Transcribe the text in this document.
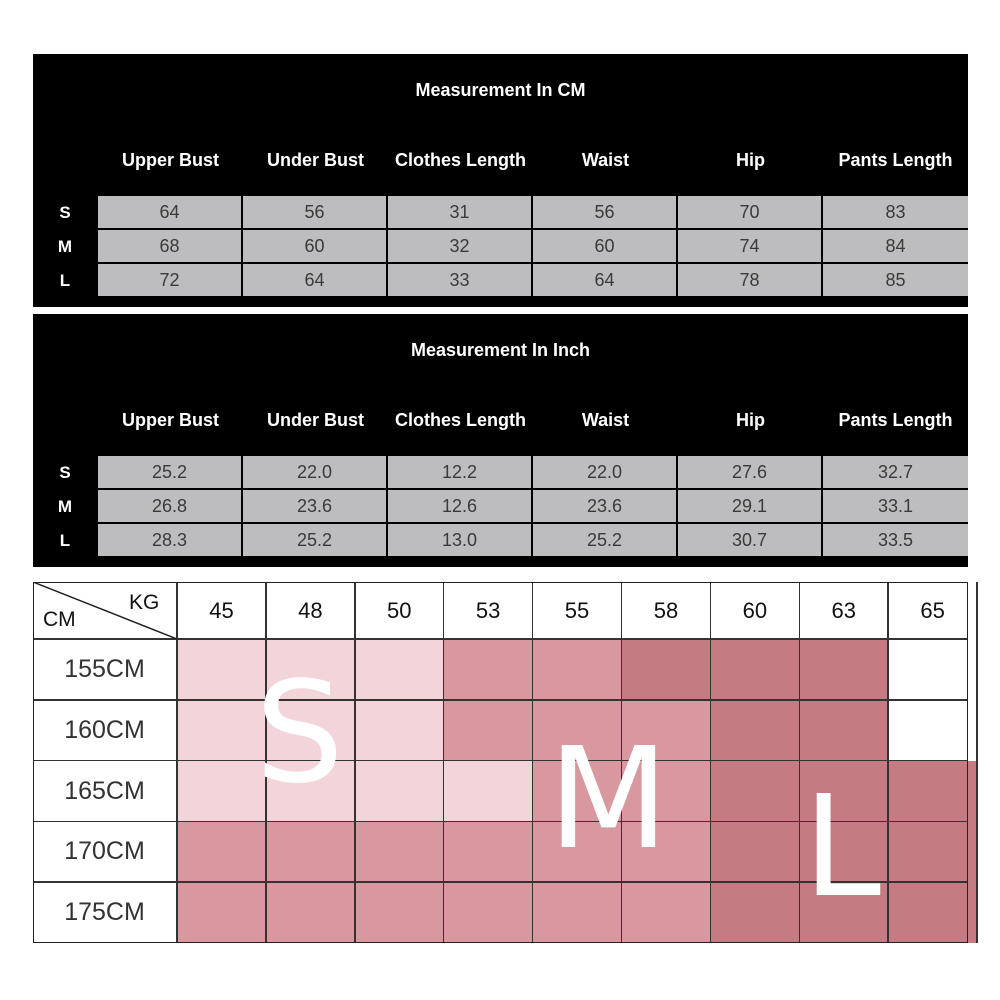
Measurement In CM
Upper Bust	Under Bust	Clothes Length	Waist	Hip	Pants Length
S	64	56	31	56	70	83
M	68	60	32	60	74	84
L	72	64	33	64	78	85
Measurement In Inch
Upper Bust	Under Bust	Clothes Length	Waist	Hip	Pants Length
S	25.2	22.0	12.2	22.0	27.6	32.7
M	26.8	23.6	12.6	23.6	29.1	33.1
L	28.3	25.2	13.0	25.2	30.7	33.5
45	48	50	53	55	58	60	63	65
155CM
160CM
165CM
170CM
175CM
S M L
KG
CM
